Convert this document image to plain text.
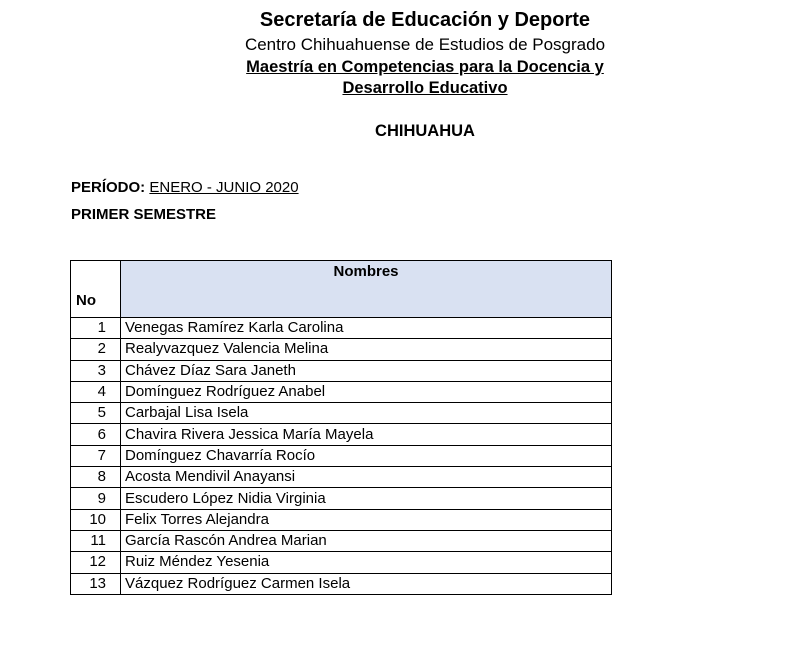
Secretaría de Educación y Deporte
Centro Chihuahuense de Estudios de Posgrado
Maestría en Competencias para la Docencia y
Desarrollo Educativo
CHIHUAHUA
PERÍODO: ENERO - JUNIO 2020
PRIMER SEMESTRE
No	Nombres
1	Venegas Ramírez Karla Carolina
2	Realyvazquez Valencia Melina
3	Chávez Díaz Sara Janeth
4	Domínguez Rodríguez Anabel
5	Carbajal Lisa Isela
6	Chavira Rivera Jessica María Mayela
7	Domínguez Chavarría Rocío
8	Acosta Mendivil Anayansi
9	Escudero López Nidia Virginia
10	Felix Torres Alejandra
11	García Rascón Andrea Marian
12	Ruiz Méndez Yesenia
13	Vázquez Rodríguez Carmen Isela
